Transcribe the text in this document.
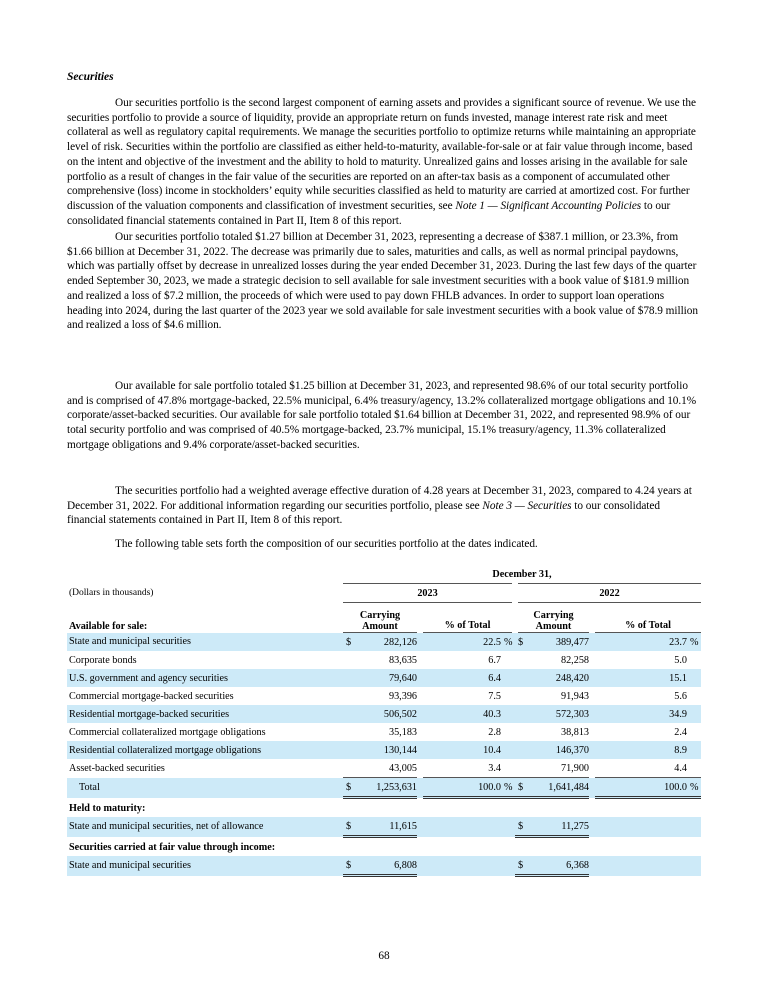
Securities

Our securities portfolio is the second largest component of earning assets and provides a significant source of revenue. We use the securities portfolio to provide a source of liquidity, provide an appropriate return on funds invested, manage interest rate risk and meet collateral as well as regulatory capital requirements. We manage the securities portfolio to optimize returns while maintaining an appropriate level of risk. Securities within the portfolio are classified as either held-to-maturity, available-for-sale or at fair value through income, based on the intent and objective of the investment and the ability to hold to maturity. Unrealized gains and losses arising in the available for sale portfolio as a result of changes in the fair value of the securities are reported on an after-tax basis as a component of accumulated other comprehensive (loss) income in stockholders’ equity while securities classified as held to maturity are carried at amortized cost. For further discussion of the valuation components and classification of investment securities, see Note 1 — Significant Accounting Policies to our consolidated financial statements contained in Part II, Item 8 of this report.

Our securities portfolio totaled $1.27 billion at December 31, 2023, representing a decrease of $387.1 million, or 23.3%, from $1.66 billion at December 31, 2022. The decrease was primarily due to sales, maturities and calls, as well as normal principal paydowns, which was partially offset by decrease in unrealized losses during the year ended December 31, 2023. During the last few days of the quarter ended September 30, 2023, we made a strategic decision to sell available for sale investment securities with a book value of $181.9 million and realized a loss of $7.2 million, the proceeds of which were used to pay down FHLB advances. In order to support loan operations heading into 2024, during the last quarter of the 2023 year we sold available for sale investment securities with a book value of $78.9 million and realized a loss of $4.6 million.

Our available for sale portfolio totaled $1.25 billion at December 31, 2023, and represented 98.6% of our total security portfolio and is comprised of 47.8% mortgage-backed, 22.5% municipal, 6.4% treasury/agency, 13.2% collateralized mortgage obligations and 10.1% corporate/asset-backed securities. Our available for sale portfolio totaled $1.64 billion at December 31, 2022, and represented 98.9% of our total security portfolio and was comprised of 40.5% mortgage-backed, 23.7% municipal, 15.1% treasury/agency, 11.3% collateralized mortgage obligations and 9.4% corporate/asset-backed securities.

The securities portfolio had a weighted average effective duration of 4.28 years at December 31, 2023, compared to 4.24 years at December 31, 2022. For additional information regarding our securities portfolio, please see Note 3 — Securities to our consolidated financial statements contained in Part II, Item 8 of this report.

The following table sets forth the composition of our securities portfolio at the dates indicated.

	December 31,									
(Dollars in thousands)	2023					2022				
Available for sale:	Carrying
Amount			% of Total		Carrying
Amount			% of Total	
State and municipal securities	$	282,126		22.5	%	$	389,477		23.7	%
Corporate bonds		83,635		6.7			82,258		5.0	
U.S. government and agency securities		79,640		6.4			248,420		15.1	
Commercial mortgage-backed securities		93,396		7.5			91,943		5.6	
Residential mortgage-backed securities		506,502		40.3			572,303		34.9	
Commercial collateralized mortgage obligations		35,183		2.8			38,813		2.4	
Residential collateralized mortgage obligations		130,144		10.4			146,370		8.9	
Asset-backed securities		43,005		3.4			71,900		4.4	
Total	$	1,253,631		100.0	%	$	1,641,484		100.0	%
Held to maturity:										
State and municipal securities, net of allowance	$	11,615				$	11,275			
Securities carried at fair value through income:										
State and municipal securities	$	6,808				$	6,368			
68
